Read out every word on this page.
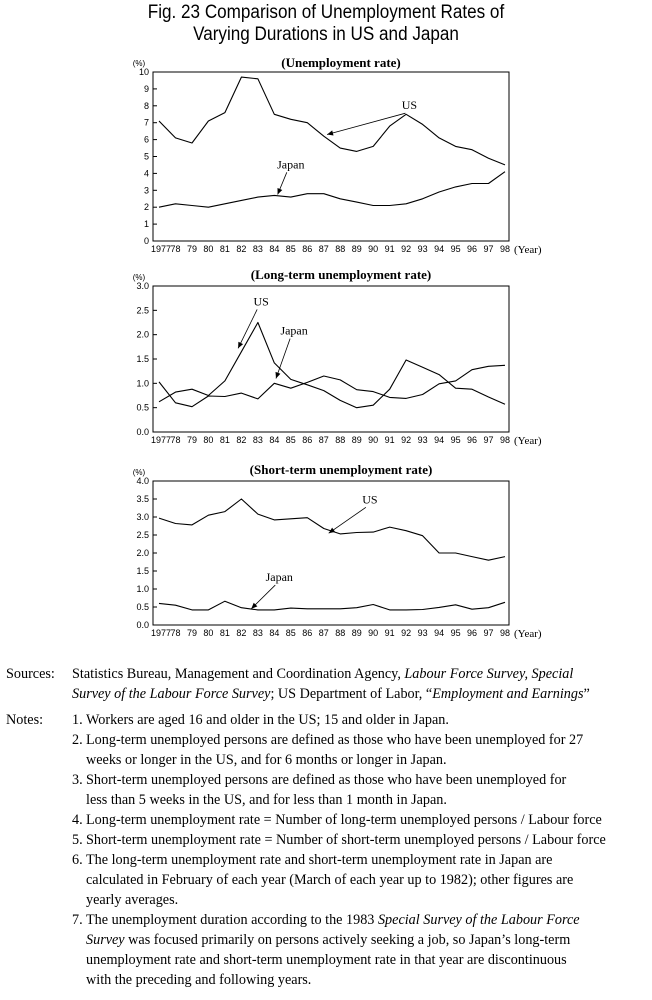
Fig. 23 Comparison of Unemployment Rates of
Varying Durations in US and Japan
(Unemployment rate)
(%)
0
1
2
3
4
5
6
7
8
9
10
1977 78 79 80 81 82 83 84 85 86 87 88 89 90 91 92 93 94 95 96 97 98 (Year)
US
Japan
(Long-term unemployment rate)
(%)
0.0
0.5
1.0
1.5
2.0
2.5
3.0
1977 78 79 80 81 82 83 84 85 86 87 88 89 90 91 92 93 94 95 96 97 98 (Year)
US
Japan
(Short-term unemployment rate)
(%)
0.0
0.5
1.0
1.5
2.0
2.5
3.0
3.5
4.0
1977 78 79 80 81 82 83 84 85 86 87 88 89 90 91 92 93 94 95 96 97 98 (Year)
US
Japan
Sources:	Statistics Bureau, Management and Coordination Agency, Labour Force Survey, Special
Survey of the Labour Force Survey; US Department of Labor, “Employment and Earnings”
Notes:	1. Workers are aged 16 and older in the US; 15 and older in Japan.
2. Long-term unemployed persons are defined as those who have been unemployed for 27
weeks or longer in the US, and for 6 months or longer in Japan.
3. Short-term unemployed persons are defined as those who have been unemployed for
less than 5 weeks in the US, and for less than 1 month in Japan.
4. Long-term unemployment rate = Number of long-term unemployed persons / Labour force
5. Short-term unemployment rate = Number of short-term unemployed persons / Labour force
6. The long-term unemployment rate and short-term unemployment rate in Japan are
calculated in February of each year (March of each year up to 1982); other figures are
yearly averages.
7. The unemployment duration according to the 1983 Special Survey of the Labour Force
Survey was focused primarily on persons actively seeking a job, so Japan’s long-term
unemployment rate and short-term unemployment rate in that year are discontinuous
with the preceding and following years.
